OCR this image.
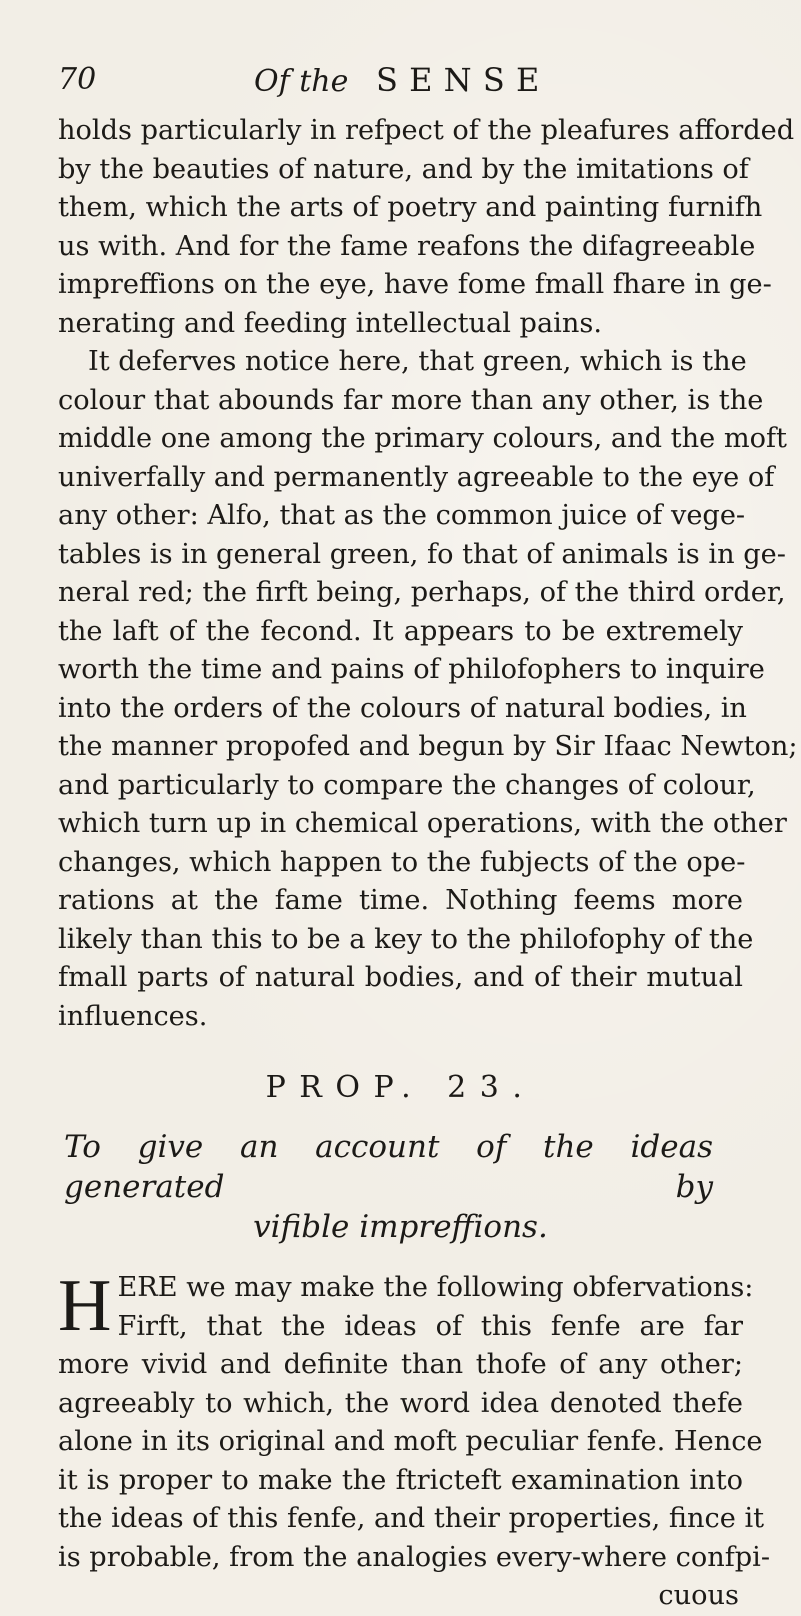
70	Of the SENSE
holds particularly in refpect of the pleafures afforded
by the beauties of nature, and by the imitations of
them, which the arts of poetry and painting furnifh
us with. And for the fame reafons the difagreeable
impreffions on the eye, have fome fmall fhare in ge-
nerating and feeding intellectual pains.
It deferves notice here, that green, which is the
colour that abounds far more than any other, is the
middle one among the primary colours, and the moft
univerfally and permanently agreeable to the eye of
any other: Alfo, that as the common juice of vege-
tables is in general green, fo that of animals is in ge-
neral red; the firft being, perhaps, of the third order,
the laft of the fecond. It appears to be extremely
worth the time and pains of philofophers to inquire
into the orders of the colours of natural bodies, in
the manner propofed and begun by Sir Ifaac Newton;
and particularly to compare the changes of colour,
which turn up in chemical operations, with the other
changes, which happen to the fubjects of the ope-
rations at the fame time. Nothing feems more
likely than this to be a key to the philofophy of the
fmall parts of natural bodies, and of their mutual
influences.
PROP. 23.
To give an account of the ideas generated by
vifible impreffions.
H ERE we may make the following obfervations:
Firft, that the ideas of this fenfe are far
more vivid and definite than thofe of any other;
agreeably to which, the word idea denoted thefe
alone in its original and moft peculiar fenfe. Hence
it is proper to make the ftricteft examination into
the ideas of this fenfe, and their properties, fince it
is probable, from the analogies every-where confpi-
cuous
